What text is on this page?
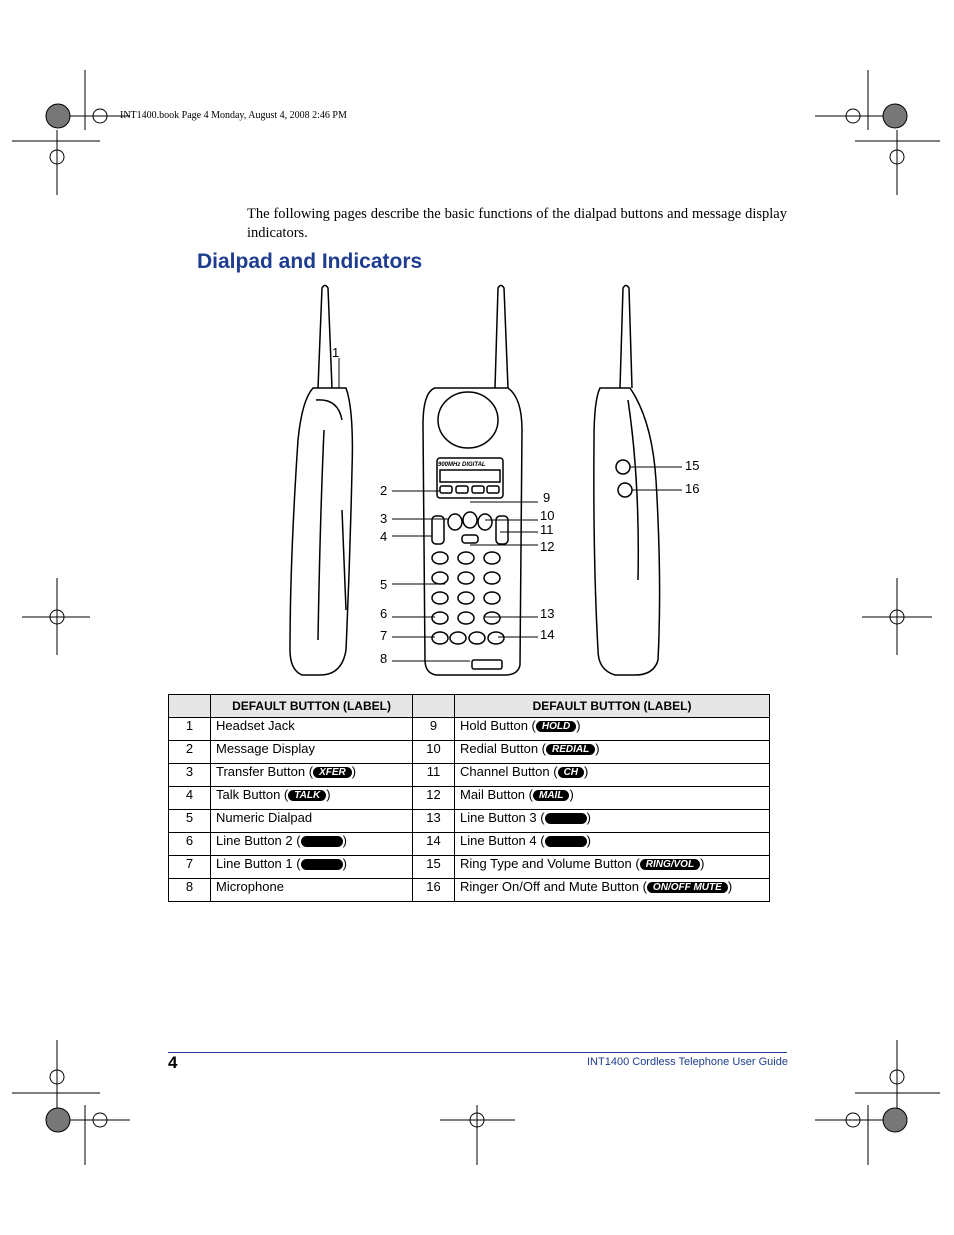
INT1400.book Page 4 Monday, August 4, 2008 2:46 PM
The following pages describe the basic functions of the dialpad buttons and message display indicators.
Dialpad and Indicators
900MHz DIGITAL
1
2
3
4
5
6
7
8
9
10
11
12
13
14
15
16
	DEFAULT BUTTON (LABEL)		DEFAULT BUTTON (LABEL)
1	Headset Jack	9	Hold Button ( HOLD )
2	Message Display	10	Redial Button ( REDIAL )
3	Transfer Button ( XFER )	11	Channel Button ( CH )
4	Talk Button ( TALK )	12	Mail Button ( MAIL )
5	Numeric Dialpad	13	Line Button 3 ( )
6	Line Button 2 ( )	14	Line Button 4 ( )
7	Line Button 1 ( )	15	Ring Type and Volume Button ( RING/VOL )
8	Microphone	16	Ringer On/Off and Mute Button ( ON/OFF MUTE )
4	INT1400 Cordless Telephone User Guide
